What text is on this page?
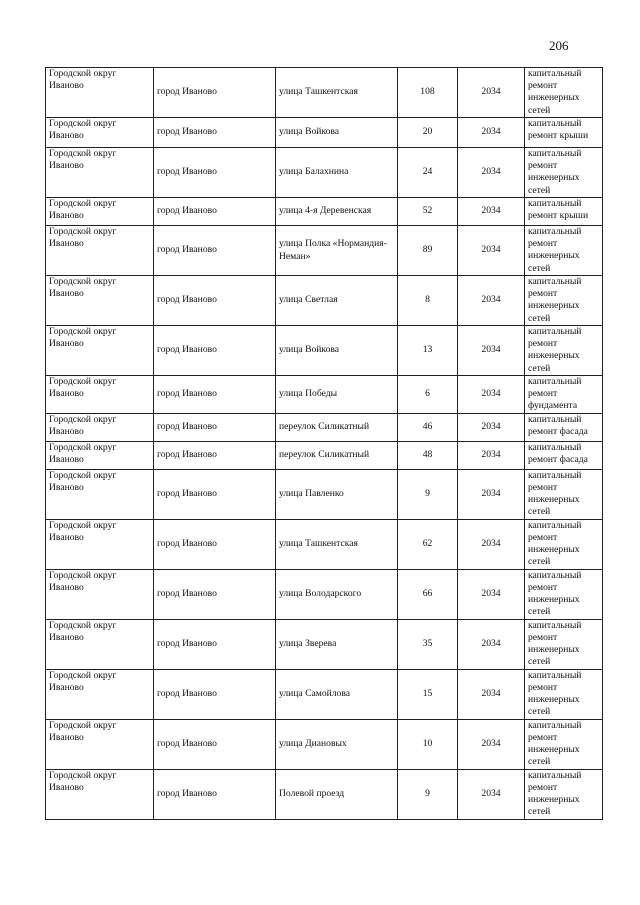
206
Городской округ Иваново	город Иваново	улица Ташкентская	108	2034	капитальный ремонт инженерных сетей
Городской округ Иваново	город Иваново	улица Войкова	20	2034	капитальный ремонт крыши
Городской округ Иваново	город Иваново	улица Балахнина	24	2034	капитальный ремонт инженерных сетей
Городской округ Иваново	город Иваново	улица 4-я Деревенская	52	2034	капитальный ремонт крыши
Городской округ Иваново	город Иваново	улица Полка «Нормандия-Неман»	89	2034	капитальный ремонт инженерных сетей
Городской округ Иваново	город Иваново	улица Светлая	8	2034	капитальный ремонт инженерных сетей
Городской округ Иваново	город Иваново	улица Войкова	13	2034	капитальный ремонт инженерных сетей
Городской округ Иваново	город Иваново	улица Победы	6	2034	капитальный ремонт фундамента
Городской округ Иваново	город Иваново	переулок Силикатный	46	2034	капитальный ремонт фасада
Городской округ Иваново	город Иваново	переулок Силикатный	48	2034	капитальный ремонт фасада
Городской округ Иваново	город Иваново	улица Павленко	9	2034	капитальный ремонт инженерных сетей
Городской округ Иваново	город Иваново	улица Ташкентская	62	2034	капитальный ремонт инженерных сетей
Городской округ Иваново	город Иваново	улица Володарского	66	2034	капитальный ремонт инженерных сетей
Городской округ Иваново	город Иваново	улица Зверева	35	2034	капитальный ремонт инженерных сетей
Городской округ Иваново	город Иваново	улица Самойлова	15	2034	капитальный ремонт инженерных сетей
Городской округ Иваново	город Иваново	улица Диановых	10	2034	капитальный ремонт инженерных сетей
Городской округ Иваново	город Иваново	Полевой проезд	9	2034	капитальный ремонт инженерных сетей
